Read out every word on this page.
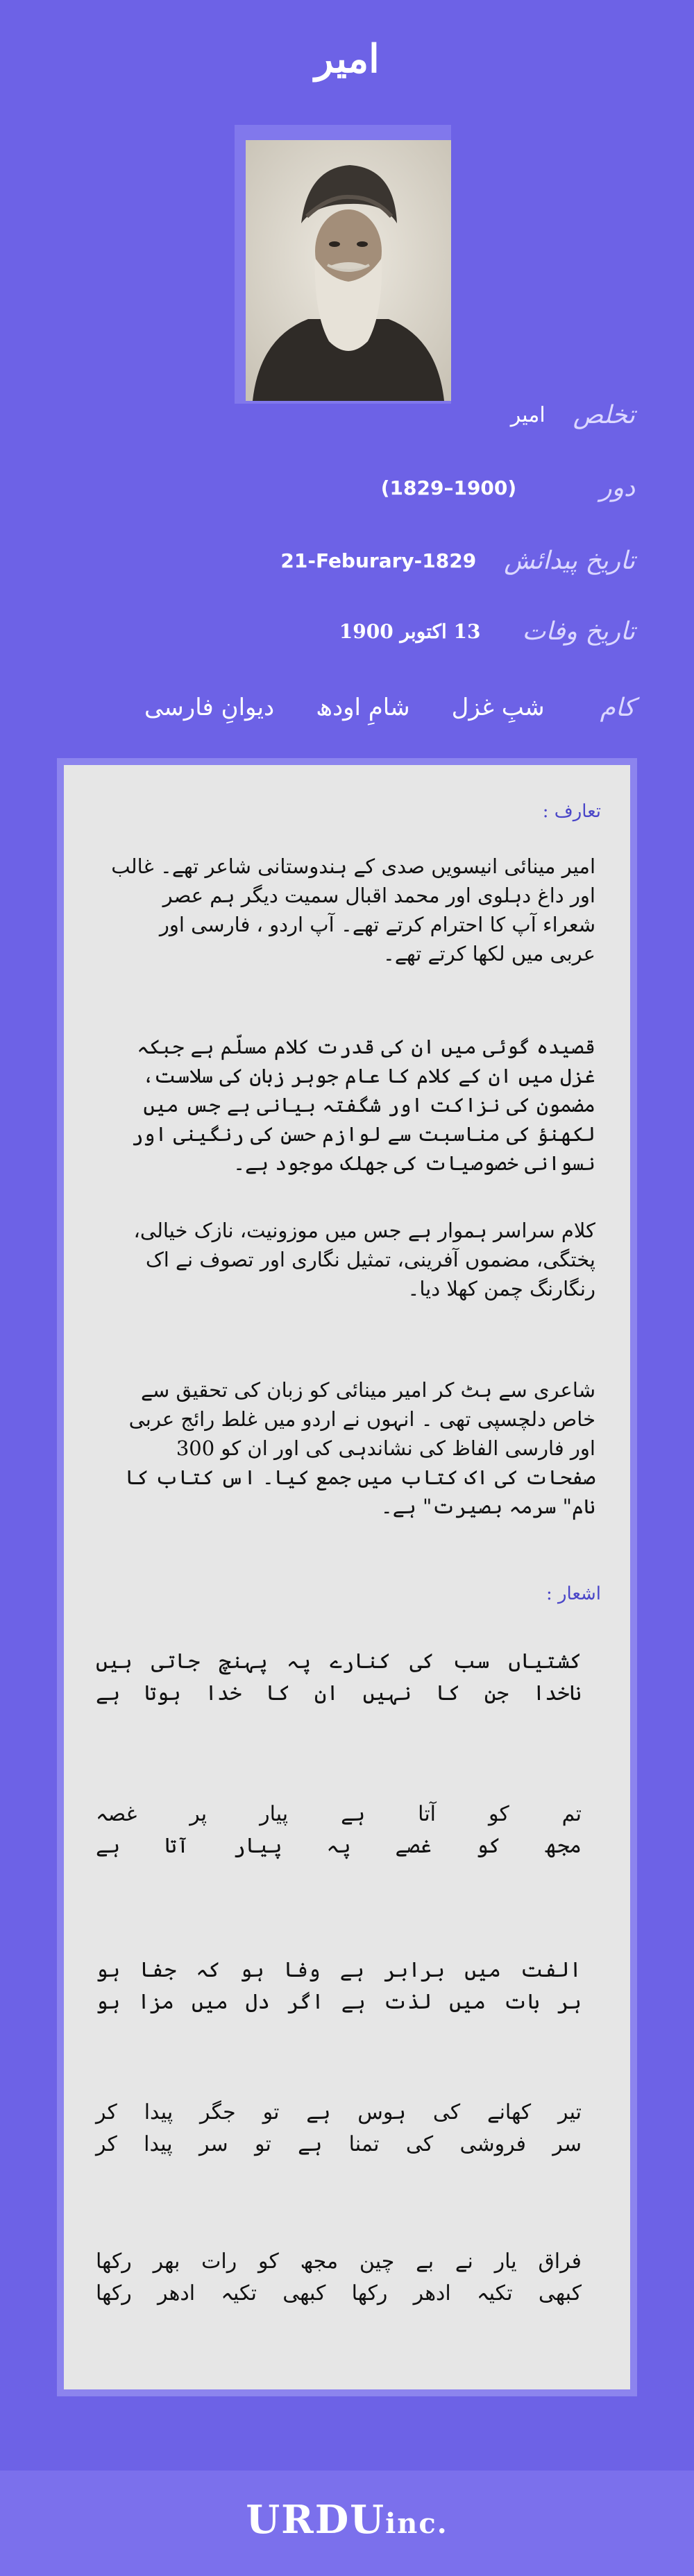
امیر
تخلص
امیر
دور
(1829–1900)
تاریخ پیدائش
21-Feburary-1829
تاریخ وفات
13 اکتوبر 1900
کام
شبِ غزل
شامِ اودھ
دیوانِ فارسی
تعارف :

امیر مینائی انیسویں صدی کے ہندوستانی شاعر تھے۔ غالب اور داغ دہلوی اور محمد اقبال سمیت دیگر ہم عصر شعراء آپ کا احترام کرتے تھے۔ آپ اردو ، فارسی اور عربی میں لکھا کرتے تھے۔

قصیدہ گوئی میں ان کی قدرت کلام مسلّم ہے جبکہ غزل میں ان کے کلام کا عام جوہر زبان کی سلاست، مضمون کی نزاکت اور شگفتہ بیانی ہے جس میں لکھنؤ کی مناسبت سے لوازم حسن کی رنگینی اور نسوانی خصوصیات کی جھلک موجود ہے۔

کلام سراسر ہموار ہے جس میں موزونیت، نازک خیالی، پختگی، مضموں آفرینی، تمثیل نگاری اور تصوف نے اک رنگارنگ چمن کھلا دیا۔

شاعری سے ہٹ کر امیر مینائی کو زبان کی تحقیق سے خاص دلچسپی تھی ۔ انہوں نے اردو میں غلط رائج عربی اور فارسی الفاظ کی نشاندہی کی اور ان کو 300 صفحات کی اک کتاب میں جمع کیا۔ اس کتاب کا نام" سرمہ بصیرت" ہے۔

اشعار :
کشتیاں سب کی کنارے پہ پہنچ جاتی ہیں
ناخدا جن کا نہیں ان کا خدا ہوتا ہے
تم کو آتا ہے پیار پر غصہ
مجھ کو غصے پہ پیار آتا ہے
الفت میں برابر ہے وفا ہو کہ جفا ہو
ہر بات میں لذت ہے اگر دل میں مزا ہو
تیر کھانے کی ہوس ہے تو جگر پیدا کر
سر فروشی کی تمنا ہے تو سر پیدا کر
فراق یار نے بے چین مجھ کو رات بھر رکھا
کبھی تکیہ ادھر رکھا کبھی تکیہ ادھر رکھا
URDUinc.
